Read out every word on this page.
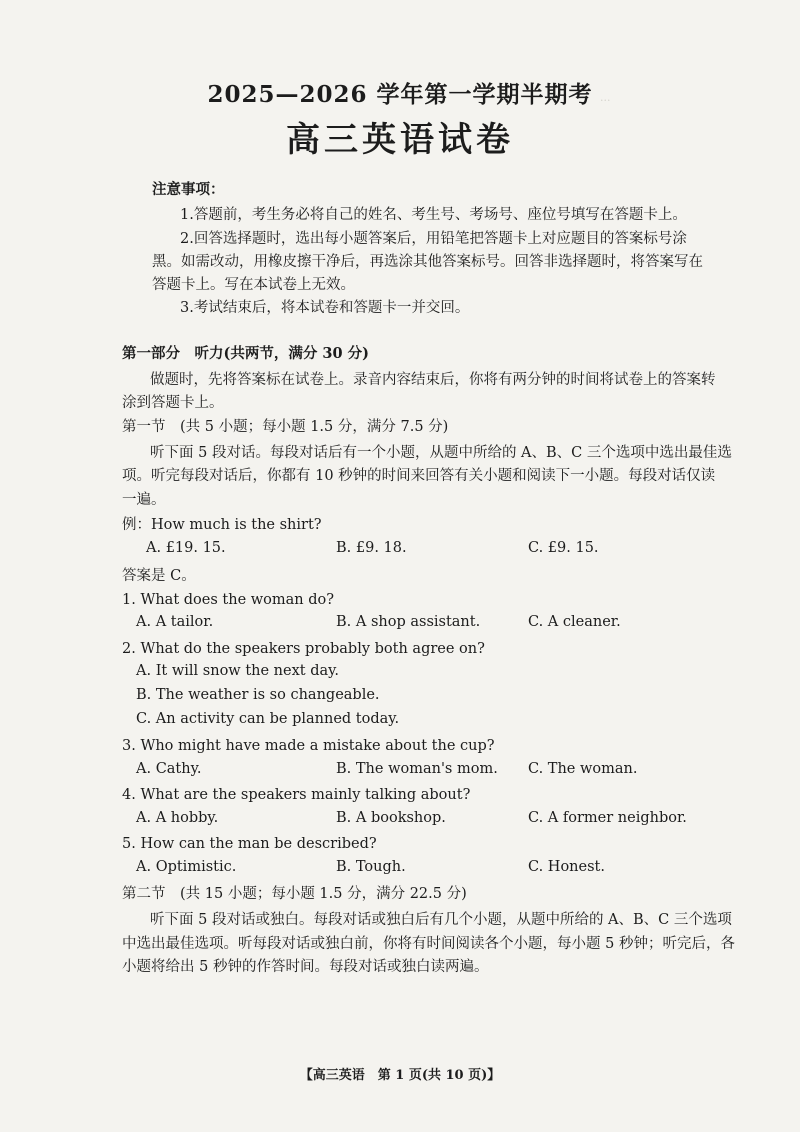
···
2025—2026 学年第一学期半期考
高三英语试卷
注意事项：
1.答题前，考生务必将自己的姓名、考生号、考场号、座位号填写在答题卡上。
2.回答选择题时，选出每小题答案后，用铅笔把答题卡上对应题目的答案标号涂
黑。如需改动，用橡皮擦干净后，再选涂其他答案标号。回答非选择题时，将答案写在
答题卡上。写在本试卷上无效。
3.考试结束后，将本试卷和答题卡一并交回。
第一部分　听力(共两节，满分 30 分)
做题时，先将答案标在试卷上。录音内容结束后，你将有两分钟的时间将试卷上的答案转
涂到答题卡上。
第一节　(共 5 小题；每小题 1.5 分，满分 7.5 分)
听下面 5 段对话。每段对话后有一个小题，从题中所给的 A、B、C 三个选项中选出最佳选
项。听完每段对话后，你都有 10 秒钟的时间来回答有关小题和阅读下一小题。每段对话仅读
一遍。
例：How much is the shirt?
A. £19. 15.	B. £9. 18.	C. £9. 15.
答案是 C。
1. What does the woman do?
A. A tailor.	B. A shop assistant.	C. A cleaner.
2. What do the speakers probably both agree on?
A. It will snow the next day.
B. The weather is so changeable.
C. An activity can be planned today.
3. Who might have made a mistake about the cup?
A. Cathy.	B. The woman's mom. C. The woman.
4. What are the speakers mainly talking about?
A. A hobby.	B. A bookshop.	C. A former neighbor.
5. How can the man be described?
A. Optimistic.	B. Tough.	C. Honest.
第二节　(共 15 小题；每小题 1.5 分，满分 22.5 分)
听下面 5 段对话或独白。每段对话或独白后有几个小题，从题中所给的 A、B、C 三个选项
中选出最佳选项。听每段对话或独白前，你将有时间阅读各个小题，每小题 5 秒钟；听完后，各
小题将给出 5 秒钟的作答时间。每段对话或独白读两遍。
【高三英语　第 1 页(共 10 页)】
